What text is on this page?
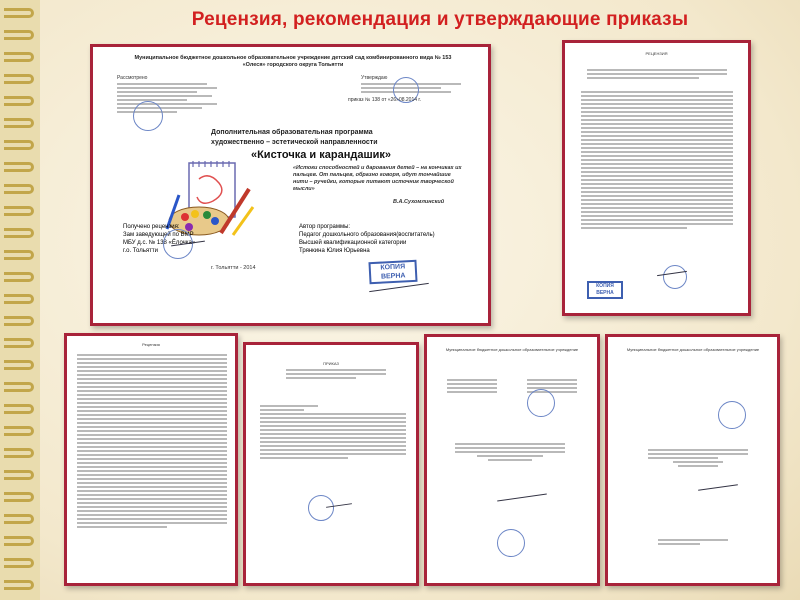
Рецензия, рекомендация и утверждающие приказы
Муниципальное бюджетное дошкольное образовательное учреждение детский сад комбинированного вида № 153 «Олеся» городского округа Тольятти
Рассмотрено	Утверждаю
приказ № 138 от «26»08.2014 г.
Дополнительная образовательная программа
художественно – эстетической направленности
«Кисточка и карандашик»
«Истоки способностей и дарования детей – на кончиках их пальцев. От пальцев, образно говоря, идут тончайшие нити – ручейки, которые питают источник творческой мысли»
В.А.Сухомлинский
Получено рецензия:
Зам заведующей по ВМР
МБУ д.с. № 138 «Ёлочка»
г.о. Тольятти
Автор программы:
Педагог дошкольного образования(воспитатель)
Высшей квалификационной категории
Трянкина Юлия Юрьевна
г. Тольятти - 2014	КОПИЯ
ВЕРНА
РЕЦЕНЗИЯ
КОПИЯ
ВЕРНА
Рецензия
ПРИКАЗ
Муниципальное бюджетное дошкольное образовательное учреждение	Муниципальное бюджетное дошкольное образовательное учреждение
